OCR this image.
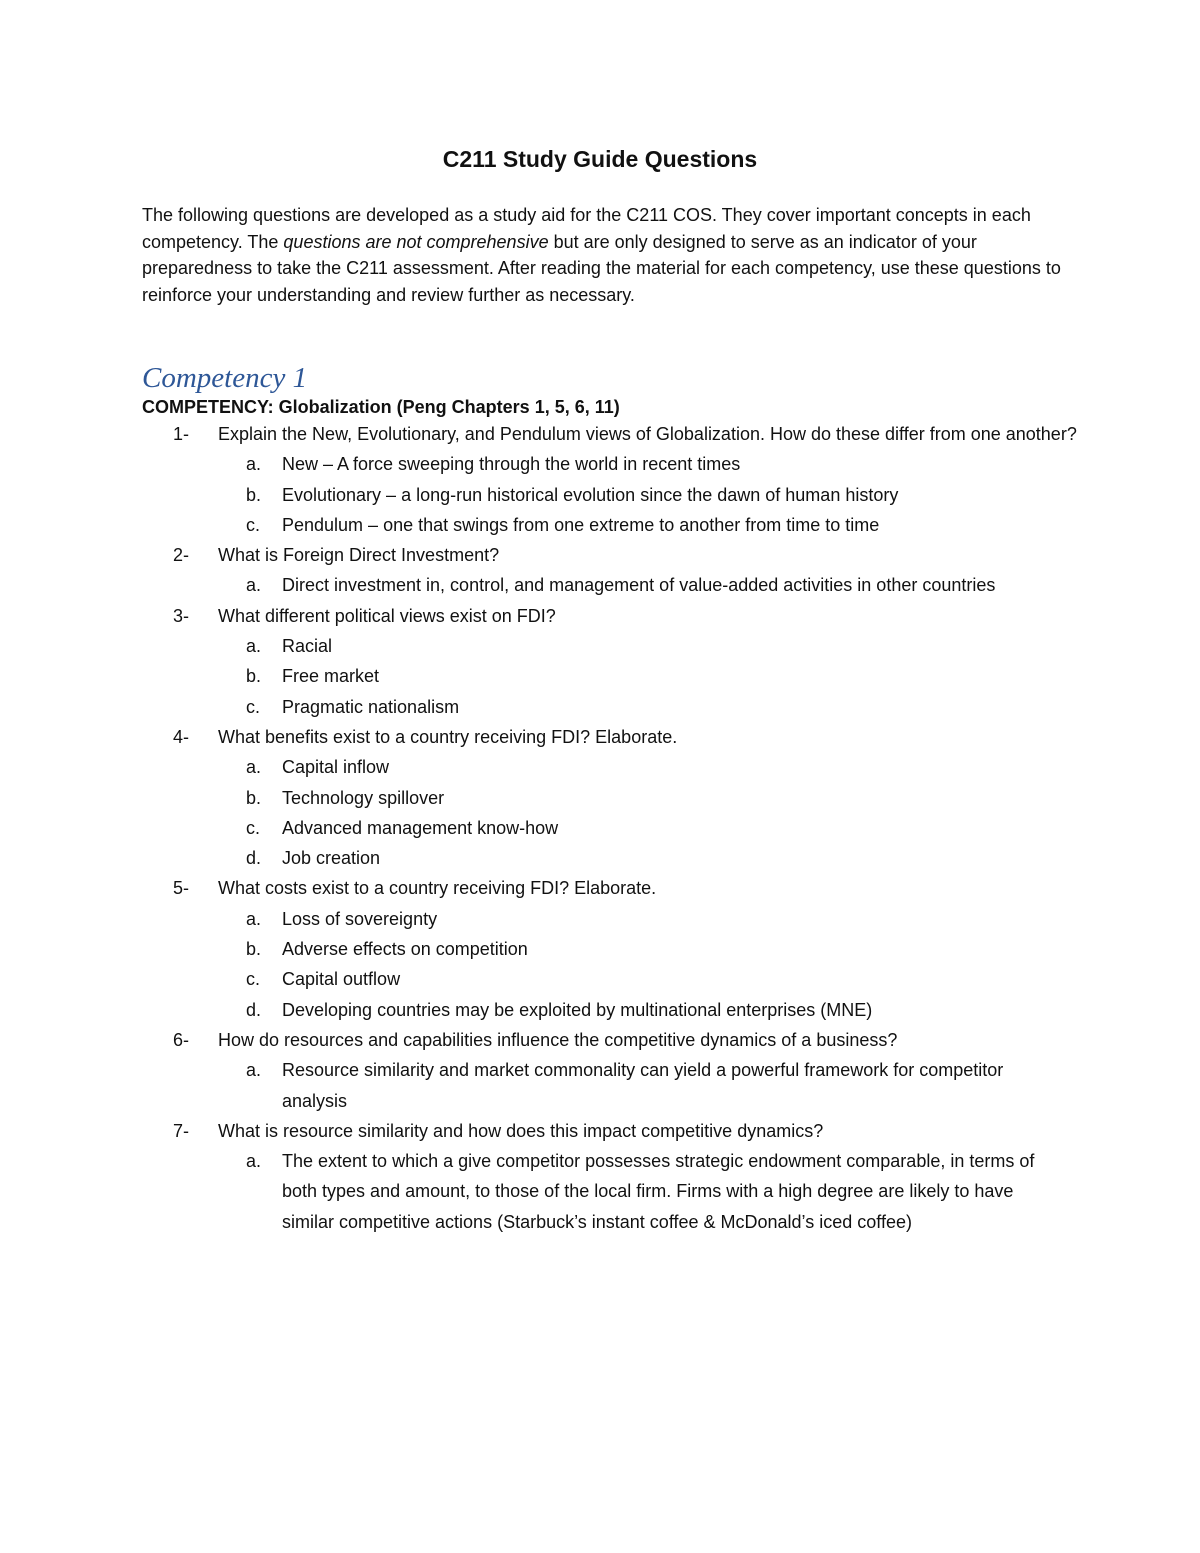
C211 Study Guide Questions

The following questions are developed as a study aid for the C211 COS. They cover important concepts in each competency. The questions are not comprehensive but are only designed to serve as an indicator of your preparedness to take the C211 assessment. After reading the material for each competency, use these questions to reinforce your understanding and review further as necessary.

Competency 1

COMPETENCY: Globalization (Peng Chapters 1, 5, 6, 11)

1- Explain the New, Evolutionary, and Pendulum views of Globalization. How do these differ from one another?
a. New – A force sweeping through the world in recent times
b. Evolutionary – a long-run historical evolution since the dawn of human history
c. Pendulum – one that swings from one extreme to another from time to time
2- What is Foreign Direct Investment?
a. Direct investment in, control, and management of value-added activities in other countries
3- What different political views exist on FDI?
a. Racial
b. Free market
c. Pragmatic nationalism
4- What benefits exist to a country receiving FDI? Elaborate.
a. Capital inflow
b. Technology spillover
c. Advanced management know-how
d. Job creation
5- What costs exist to a country receiving FDI? Elaborate.
a. Loss of sovereignty
b. Adverse effects on competition
c. Capital outflow
d. Developing countries may be exploited by multinational enterprises (MNE)
6- How do resources and capabilities influence the competitive dynamics of a business?
a. Resource similarity and market commonality can yield a powerful framework for competitor analysis
7- What is resource similarity and how does this impact competitive dynamics?
a. The extent to which a give competitor possesses strategic endowment comparable, in terms of both types and amount, to those of the local firm. Firms with a high degree are likely to have similar competitive actions (Starbuck’s instant coffee & McDonald’s iced coffee)
